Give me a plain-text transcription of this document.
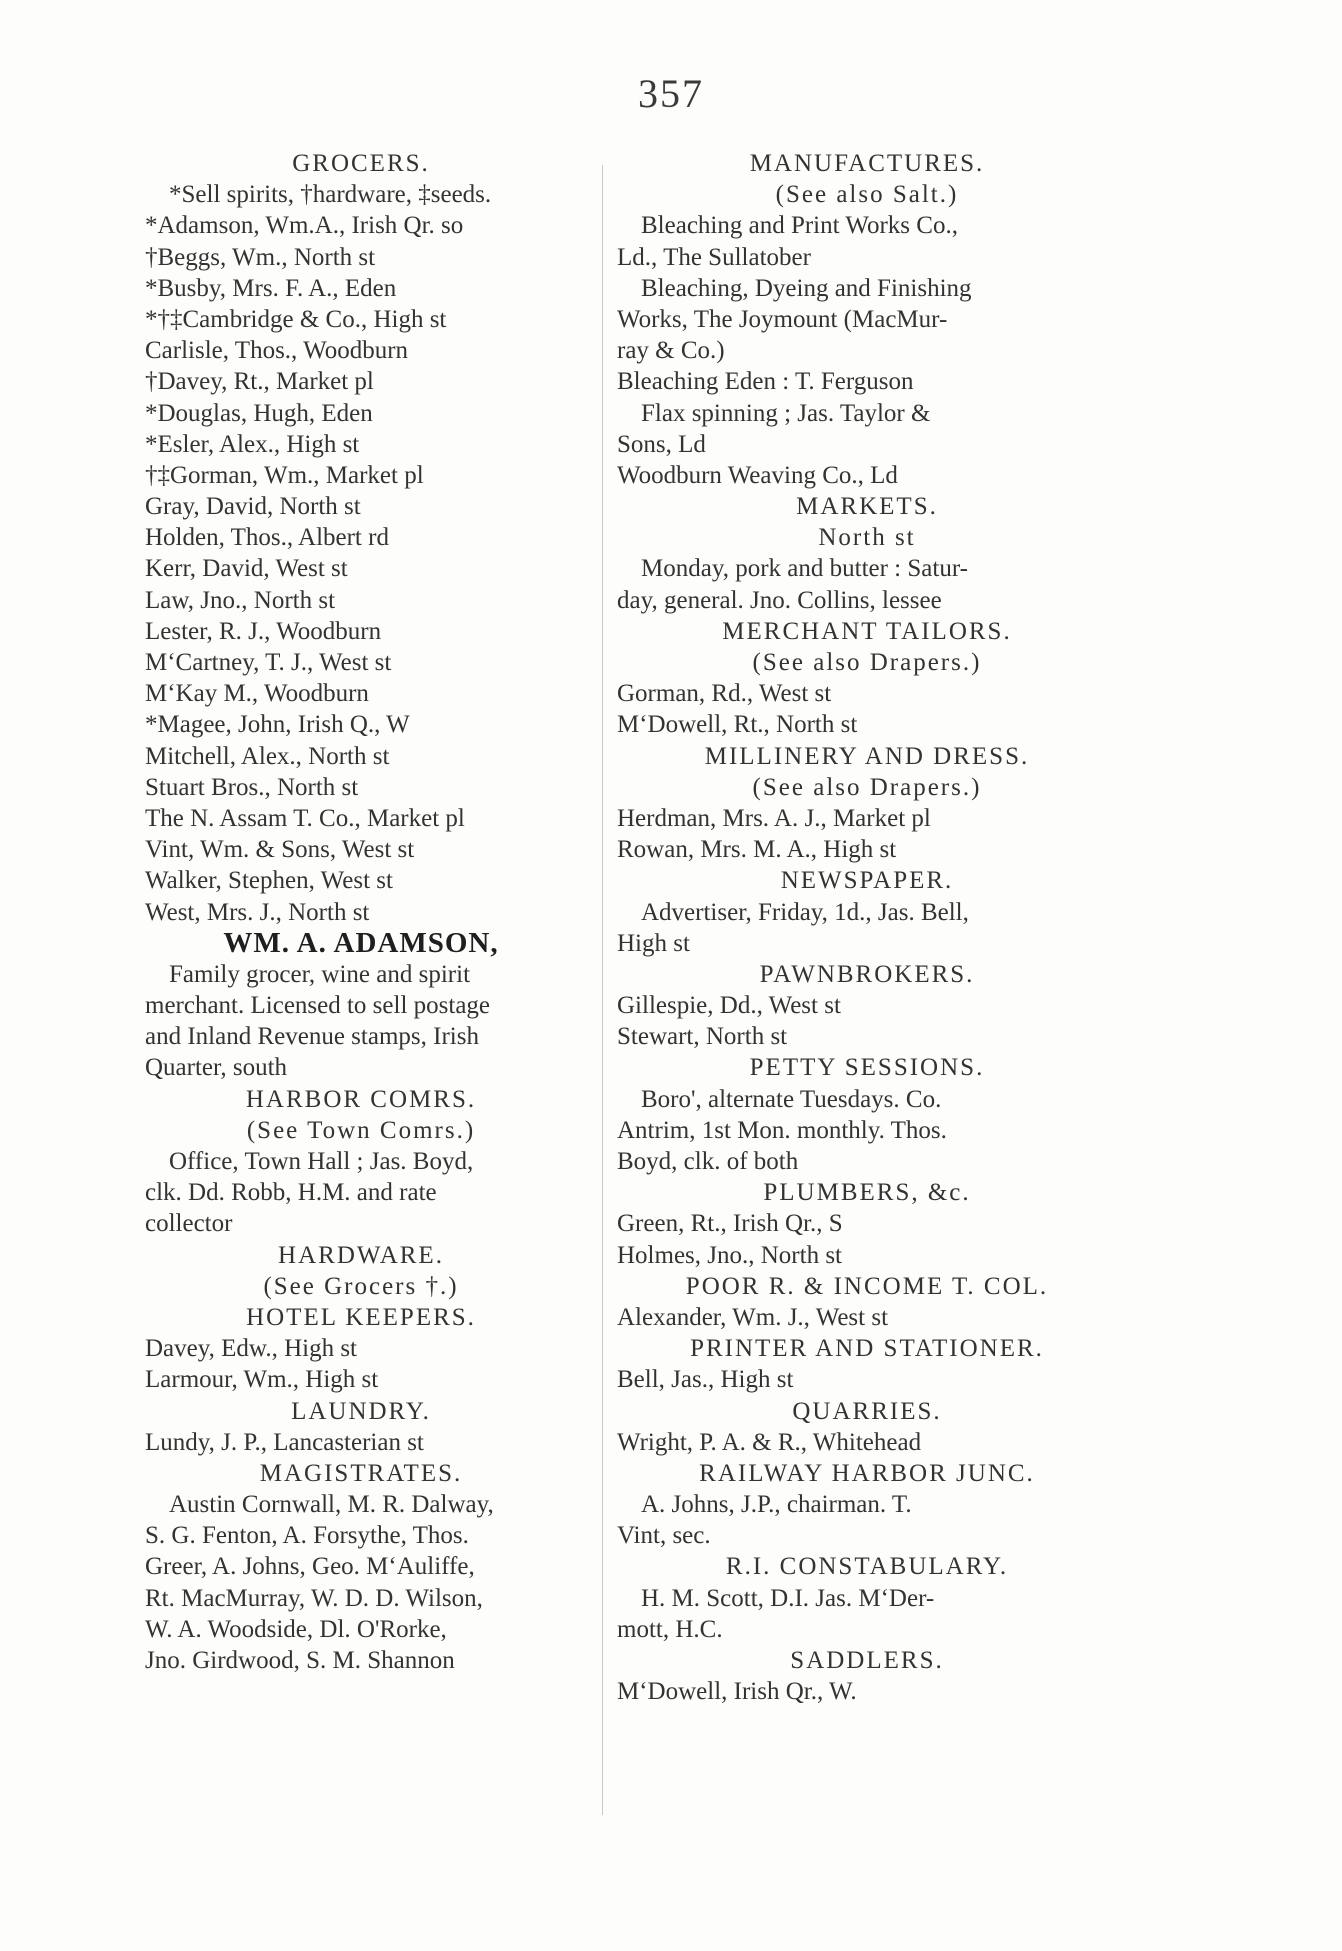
357
GROCERS.
*Sell spirits, †hardware, ‡seeds.
*Adamson, Wm.A., Irish Qr. so
†Beggs, Wm., North st
*Busby, Mrs. F. A., Eden
*†‡Cambridge & Co., High st
Carlisle, Thos., Woodburn
†Davey, Rt., Market pl
*Douglas, Hugh, Eden
*Esler, Alex., High st
†‡Gorman, Wm., Market pl
Gray, David, North st
Holden, Thos., Albert rd
Kerr, David, West st
Law, Jno., North st
Lester, R. J., Woodburn
M‘Cartney, T. J., West st
M‘Kay M., Woodburn
*Magee, John, Irish Q., W
Mitchell, Alex., North st
Stuart Bros., North st
The N. Assam T. Co., Market pl
Vint, Wm. & Sons, West st
Walker, Stephen, West st
West, Mrs. J., North st
WM. A. ADAMSON,
Family grocer, wine and spirit
merchant. Licensed to sell postage
and Inland Revenue stamps, Irish
Quarter, south
HARBOR COMRS.
(See Town Comrs.)
Office, Town Hall ; Jas. Boyd,
clk. Dd. Robb, H.M. and rate
collector
HARDWARE.
(See Grocers †.)
HOTEL KEEPERS.
Davey, Edw., High st
Larmour, Wm., High st
LAUNDRY.
Lundy, J. P., Lancasterian st
MAGISTRATES.
Austin Cornwall, M. R. Dalway,
S. G. Fenton, A. Forsythe, Thos.
Greer, A. Johns, Geo. M‘Auliffe,
Rt. MacMurray, W. D. D. Wilson,
W. A. Woodside, Dl. O'Rorke,
Jno. Girdwood, S. M. Shannon
MANUFACTURES.
(See also Salt.)
Bleaching and Print Works Co.,
Ld., The Sullatober
Bleaching, Dyeing and Finishing
Works, The Joymount (MacMur-
ray & Co.)
Bleaching Eden : T. Ferguson
Flax spinning ; Jas. Taylor &
Sons, Ld
Woodburn Weaving Co., Ld
MARKETS.
North st
Monday, pork and butter : Satur-
day, general. Jno. Collins, lessee
MERCHANT TAILORS.
(See also Drapers.)
Gorman, Rd., West st
M‘Dowell, Rt., North st
MILLINERY AND DRESS.
(See also Drapers.)
Herdman, Mrs. A. J., Market pl
Rowan, Mrs. M. A., High st
NEWSPAPER.
Advertiser, Friday, 1d., Jas. Bell,
High st
PAWNBROKERS.
Gillespie, Dd., West st
Stewart, North st
PETTY SESSIONS.
Boro', alternate Tuesdays. Co.
Antrim, 1st Mon. monthly. Thos.
Boyd, clk. of both
PLUMBERS, &c.
Green, Rt., Irish Qr., S
Holmes, Jno., North st
POOR R. & INCOME T. COL.
Alexander, Wm. J., West st
PRINTER AND STATIONER.
Bell, Jas., High st
QUARRIES.
Wright, P. A. & R., Whitehead
RAILWAY HARBOR JUNC.
A. Johns, J.P., chairman. T.
Vint, sec.
R.I. CONSTABULARY.
H. M. Scott, D.I. Jas. M‘Der-
mott, H.C.
SADDLERS.
M‘Dowell, Irish Qr., W.
